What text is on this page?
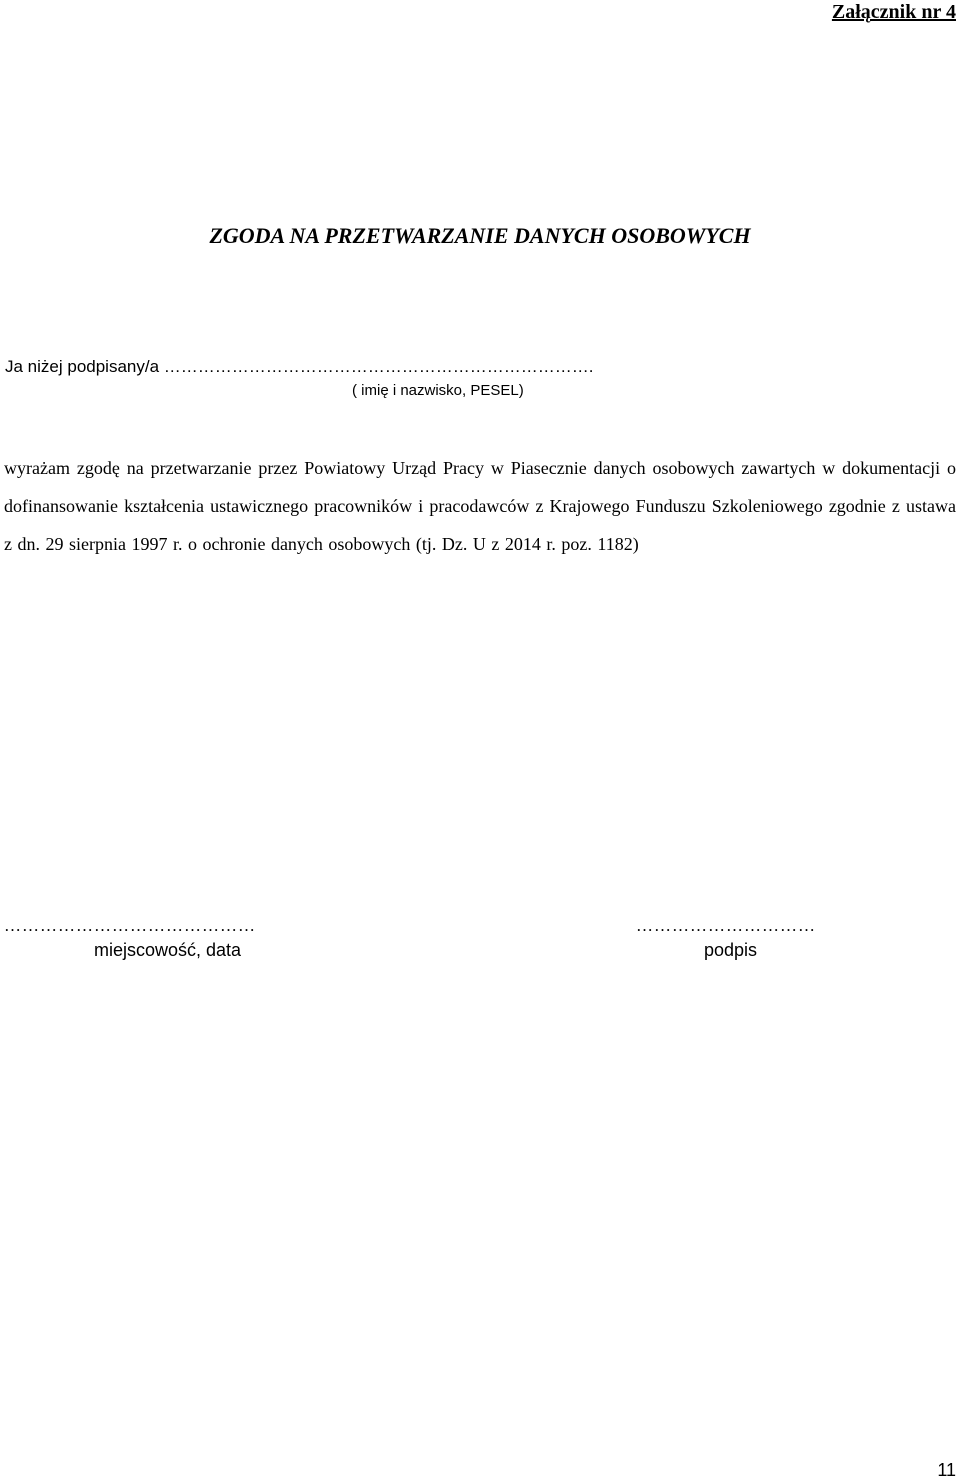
Załącznik nr 4
ZGODA NA PRZETWARZANIE DANYCH OSOBOWYCH
Ja niżej podpisany/a ………………………………………………………………….
( imię i nazwisko, PESEL)
wyrażam zgodę na przetwarzanie przez Powiatowy Urząd Pracy w Piasecznie danych osobowych zawartych w dokumentacji o dofinansowanie kształcenia ustawicznego pracowników i pracodawców z Krajowego Funduszu Szkoleniowego zgodnie z ustawa z dn. 29 sierpnia 1997 r. o ochronie danych osobowych (tj. Dz. U z 2014 r. poz. 1182)
……………………………………	…………………………
miejscowość, data	podpis
11
